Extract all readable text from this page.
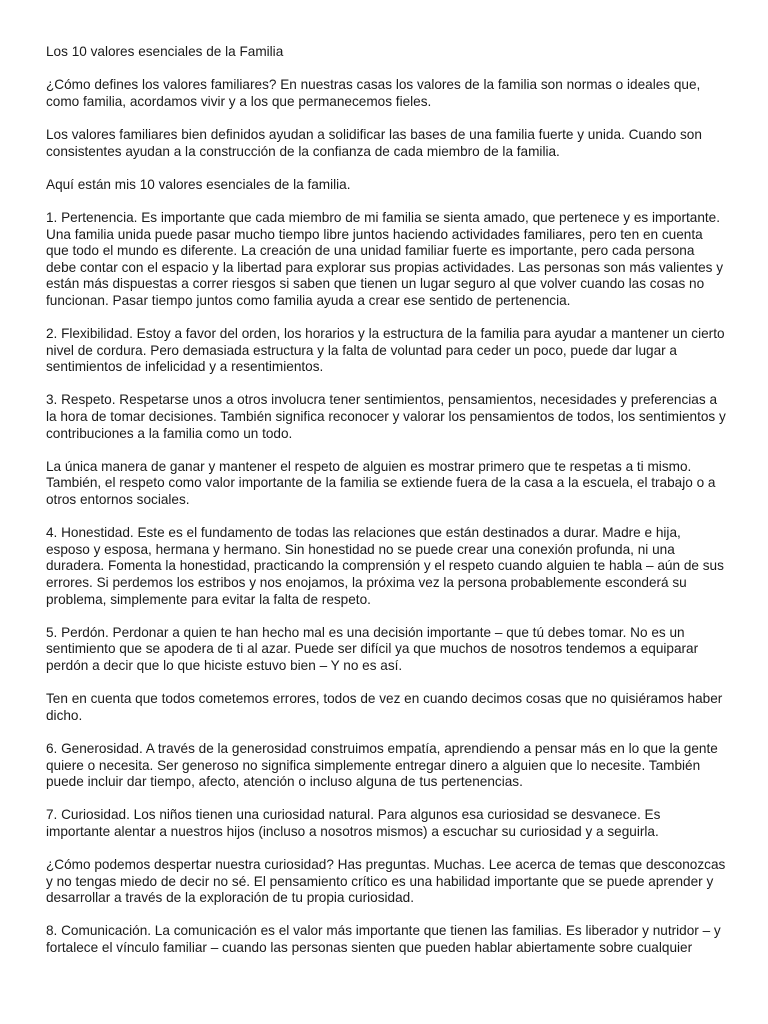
Los 10 valores esenciales de la Familia

¿Cómo defines los valores familiares? En nuestras casas los valores de la familia son normas o ideales que, como familia, acordamos vivir y a los que permanecemos fieles.

Los valores familiares bien definidos ayudan a solidificar las bases de una familia fuerte y unida. Cuando son consistentes ayudan a la construcción de la confianza de cada miembro de la familia.

Aquí están mis 10 valores esenciales de la familia.

1. Pertenencia. Es importante que cada miembro de mi familia se sienta amado, que pertenece y es importante. Una familia unida puede pasar mucho tiempo libre juntos haciendo actividades familiares, pero ten en cuenta que todo el mundo es diferente. La creación de una unidad familiar fuerte es importante, pero cada persona debe contar con el espacio y la libertad para explorar sus propias actividades. Las personas son más valientes y están más dispuestas a correr riesgos si saben que tienen un lugar seguro al que volver cuando las cosas no funcionan. Pasar tiempo juntos como familia ayuda a crear ese sentido de pertenencia.

2. Flexibilidad. Estoy a favor del orden, los horarios y la estructura de la familia para ayudar a mantener un cierto nivel de cordura. Pero demasiada estructura y la falta de voluntad para ceder un poco, puede dar lugar a sentimientos de infelicidad y a resentimientos.

3. Respeto. Respetarse unos a otros involucra tener sentimientos, pensamientos, necesidades y preferencias a la hora de tomar decisiones. También significa reconocer y valorar los pensamientos de todos, los sentimientos y contribuciones a la familia como un todo.

La única manera de ganar y mantener el respeto de alguien es mostrar primero que te respetas a ti mismo. También, el respeto como valor importante de la familia se extiende fuera de la casa a la escuela, el trabajo o a otros entornos sociales.

4. Honestidad. Este es el fundamento de todas las relaciones que están destinados a durar. Madre e hija, esposo y esposa, hermana y hermano. Sin honestidad no se puede crear una conexión profunda, ni una duradera. Fomenta la honestidad, practicando la comprensión y el respeto cuando alguien te habla – aún de sus errores. Si perdemos los estribos y nos enojamos, la próxima vez la persona probablemente esconderá su problema, simplemente para evitar la falta de respeto.

5. Perdón. Perdonar a quien te han hecho mal es una decisión importante – que tú debes tomar. No es un sentimiento que se apodera de ti al azar. Puede ser difícil ya que muchos de nosotros tendemos a equiparar perdón a decir que lo que hiciste estuvo bien – Y no es así.

Ten en cuenta que todos cometemos errores, todos de vez en cuando decimos cosas que no quisiéramos haber dicho.

6. Generosidad. A través de la generosidad construimos empatía, aprendiendo a pensar más en lo que la gente quiere o necesita. Ser generoso no significa simplemente entregar dinero a alguien que lo necesite. También puede incluir dar tiempo, afecto, atención o incluso alguna de tus pertenencias.

7. Curiosidad. Los niños tienen una curiosidad natural. Para algunos esa curiosidad se desvanece. Es importante alentar a nuestros hijos (incluso a nosotros mismos) a escuchar su curiosidad y a seguirla.

¿Cómo podemos despertar nuestra curiosidad? Has preguntas. Muchas. Lee acerca de temas que desconozcas y no tengas miedo de decir no sé. El pensamiento crítico es una habilidad importante que se puede aprender y desarrollar a través de la exploración de tu propia curiosidad.

8. Comunicación. La comunicación es el valor más importante que tienen las familias. Es liberador y nutridor – y fortalece el vínculo familiar – cuando las personas sienten que pueden hablar abiertamente sobre cualquier
